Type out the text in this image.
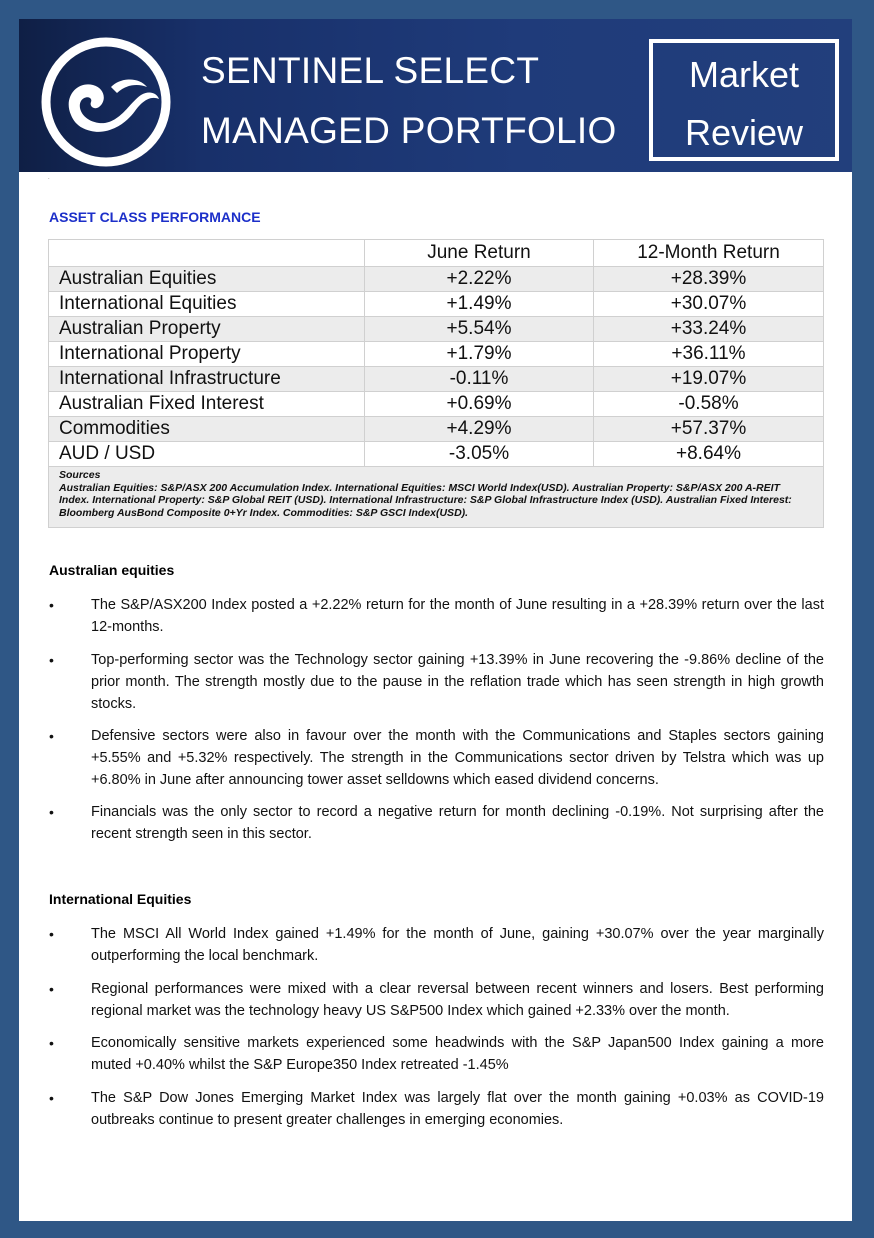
SENTINEL SELECT
MANAGED PORTFOLIO
Market
Review
.
ASSET CLASS PERFORMANCE
	June Return	12-Month Return
Australian Equities	+2.22%	+28.39%
International Equities	+1.49%	+30.07%
Australian Property	+5.54%	+33.24%
International Property	+1.79%	+36.11%
International Infrastructure	-0.11%	+19.07%
Australian Fixed Interest	+0.69%	-0.58%
Commodities	+4.29%	+57.37%
AUD / USD	-3.05%	+8.64%

Sources
Australian Equities: S&P/ASX 200 Accumulation Index. International Equities: MSCI World Index(USD). Australian Property: S&P/ASX 200 A-REIT Index. International Property: S&P Global REIT (USD). International Infrastructure: S&P Global Infrastructure Index (USD). Australian Fixed Interest: Bloomberg AusBond Composite 0+Yr Index. Commodities: S&P GSCI Index(USD).		
Australian equities
•	The S&P/ASX200 Index posted a +2.22% return for the month of June resulting in a +28.39% return over the last 12-months.
•	Top-performing sector was the Technology sector gaining +13.39% in June recovering the -9.86% decline of the prior month. The strength mostly due to the pause in the reflation trade which has seen strength in high growth stocks.
•	Defensive sectors were also in favour over the month with the Communications and Staples sectors gaining +5.55% and +5.32% respectively. The strength in the Communications sector driven by Telstra which was up +6.80% in June after announcing tower asset selldowns which eased dividend concerns.
•	Financials was the only sector to record a negative return for month declining -0.19%. Not surprising after the recent strength seen in this sector.
International Equities
•	The MSCI All World Index gained +1.49% for the month of June, gaining +30.07% over the year marginally outperforming the local benchmark.
•	Regional performances were mixed with a clear reversal between recent winners and losers. Best performing regional market was the technology heavy US S&P500 Index which gained +2.33% over the month.
•	Economically sensitive markets experienced some headwinds with the S&P Japan500 Index gaining a more muted +0.40% whilst the S&P Europe350 Index retreated -1.45%
•	The S&P Dow Jones Emerging Market Index was largely flat over the month gaining +0.03% as COVID-19 outbreaks continue to present greater challenges in emerging economies.
